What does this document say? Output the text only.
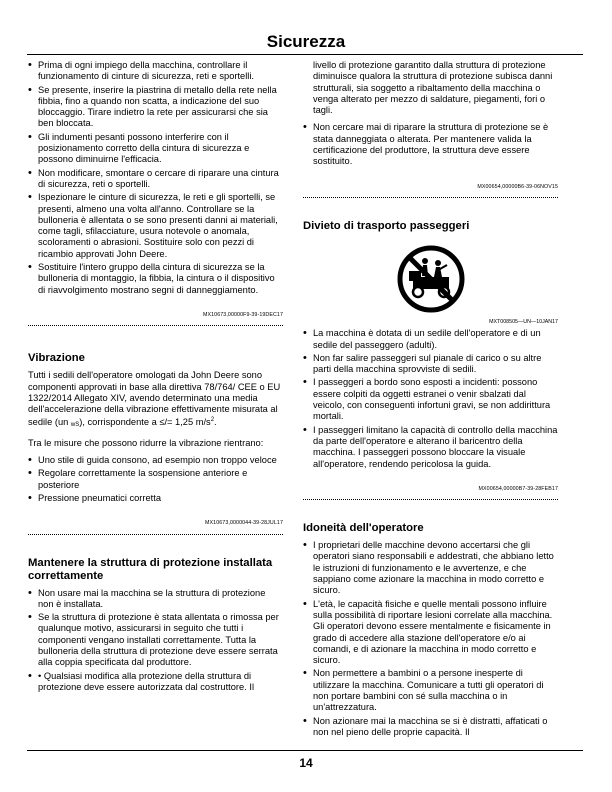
Sicurezza
• Prima di ogni impiego della macchina, controllare il funzionamento di cinture di sicurezza, reti e sportelli.
• Se presente, inserire la piastrina di metallo della rete nella fibbia, fino a quando non scatta, a indicazione del suo bloccaggio. Tirare indietro la rete per assicurarsi che sia ben bloccata.
• Gli indumenti pesanti possono interferire con il posizionamento corretto della cintura di sicurezza e possono diminuirne l'efficacia.
• Non modificare, smontare o cercare di riparare una cintura di sicurezza, reti o sportelli.
• Ispezionare le cinture di sicurezza, le reti e gli sportelli, se presenti, almeno una volta all'anno. Controllare se la bulloneria è allentata o se sono presenti danni ai materiali, come tagli, sfilacciature, usura notevole o anomala, scoloramenti o abrasioni. Sostituire solo con pezzi di ricambio approvati John Deere.
• Sostituire l'intero gruppo della cintura di sicurezza se la bulloneria di montaggio, la fibbia, la cintura o il dispositivo di riavvolgimento mostrano segni di danneggiamento.
MX10673,00000F9-39-19DEC17
Vibrazione

Tutti i sedili dell'operatore omologati da John Deere sono componenti approvati in base alla direttiva 78/764/ CEE o EU 1322/2014 Allegato XIV, avendo determinato una media dell'accelerazione della vibrazione effettivamente misurata al sedile (un $_{wS}$), corrispondente a ≤/= 1,25 $m/s^2$.

Tra le misure che possono ridurre la vibrazione rientrano:

• Uno stile di guida consono, ad esempio non troppo veloce
• Regolare correttamente la sospensione anteriore e posteriore
• Pressione pneumatici corretta
MX10673,0000044-39-28JUL17
Mantenere la struttura di protezione installata correttamente
• Non usare mai la macchina se la struttura di protezione non è installata.
• Se la struttura di protezione è stata allentata o rimossa per qualunque motivo, assicurarsi in seguito che tutti i componenti vengano installati correttamente. Tutta la bulloneria della struttura di protezione deve essere serrata alla coppia specificata dal produttore.
• • Qualsiasi modifica alla protezione della struttura di protezione deve essere autorizzata dal costruttore. Il

livello di protezione garantito dalla struttura di protezione diminuisce qualora la struttura di protezione subisca danni strutturali, sia soggetto a ribaltamento della macchina o venga alterato per mezzo di saldature, piegamenti, fori o tagli.

• Non cercare mai di riparare la struttura di protezione se è stata danneggiata o alterata. Per mantenere valida la certificazione del produttore, la struttura deve essere sostituito.
MX00654,00000B6-39-06NOV15
Divieto di trasporto passeggeri
MXT008505—UN—10JAN17
• La macchina è dotata di un sedile dell'operatore e di un sedile del passeggero (adulti).
• Non far salire passeggeri sul pianale di carico o su altre parti della macchina sprovviste di sedili.
• I passeggeri a bordo sono esposti a incidenti: possono essere colpiti da oggetti estranei o venir sbalzati dal veicolo, con conseguenti infortuni gravi, se non addirittura mortali.
• I passeggeri limitano la capacità di controllo della macchina da parte dell'operatore e alterano il baricentro della macchina. I passeggeri possono bloccare la visuale all'operatore, rendendo pericolosa la guida.
MX00654,00000B7-39-28FEB17
Idoneità dell'operatore
• I proprietari delle macchine devono accertarsi che gli operatori siano responsabili e addestrati, che abbiano letto le istruzioni di funzionamento e le avvertenze, e che sappiano come azionare la macchina in modo corretto e sicuro.
• L'età, le capacità fisiche e quelle mentali possono influire sulla possibilità di riportare lesioni correlate alla macchina. Gli operatori devono essere mentalmente e fisicamente in grado di accedere alla stazione dell'operatore e/o ai comandi, e di azionare la macchina in modo corretto e sicuro.
• Non permettere a bambini o a persone inesperte di utilizzare la macchina. Comunicare a tutti gli operatori di non portare bambini con sé sulla macchina o in un'attrezzatura.
• Non azionare mai la macchina se si è distratti, affaticati o non nel pieno delle proprie capacità. Il
14
